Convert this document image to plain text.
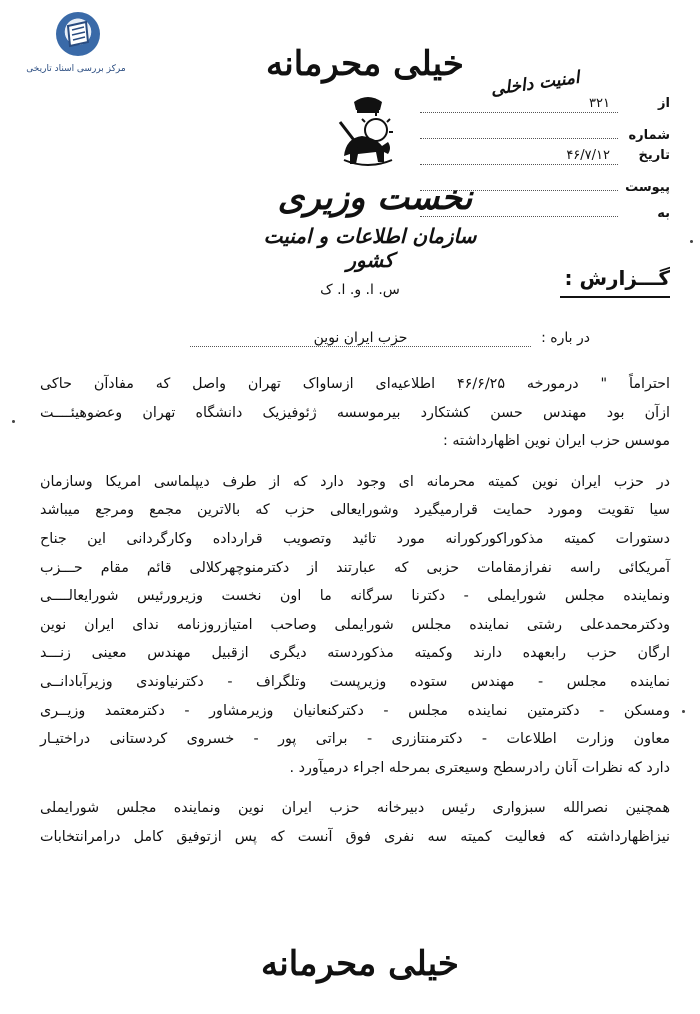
مرکز بررسی اسناد تاریخی	خیلی محرمانه	امنیت داخلی
نخست وزیری
سازمان اطلاعات و امنیت کشور
س. ا. و. ا. ک
از
۳۲۱
شماره
تاریخ
۴۶/۷/۱۲
پیوست
به
گـــزارش :
در باره :
حزب ایران نوین

احتراماً " درمورخه ۴۶/۶/۲۵ اطلاعیه‌ای ازساواک تهران واصل که مفادآن حاکی

ازآن بود مهندس حسن کشتکارد بیرموسسه ژئوفیزیک دانشگاه تهران وعضوهیئــــت

موسس حزب ایران نوین اظهارداشته :

در حزب ایران نوین کمیته محرمانه ای وجود دارد که از طرف دیپلماسی امریکا وسازمان

سیا تقویت ومورد حمایت قرارمیگیرد وشورایعالی حزب که بالاترین مجمع ومرجع میباشد

دستورات کمیته مذکوراکورکورانه مورد تائید وتصویب قرارداده وکارگردانی این جناح

آمریکائی راسه نفرازمقامات حزبی که عبارتند از دکترمنوچهرکلالی قائم مقام حـــزب

ونماینده مجلس شورایملی - دکترنا سرگانه ما اون نخست وزیرورئیس شورایعالــــی

ودکترمحمدعلی رشتی نماینده مجلس شورایملی وصاحب امتیازروزنامه ندای ایران نوین

ارگان حزب رابعهده دارند وکمیته مذکوردسته دیگری ازقبیل مهندس معینی زنـــد

نماینده مجلس - مهندس ستوده وزیرپست وتلگراف - دکترنیاوندی وزیرآبادانــی

ومسکن - دکترمتین نماینده مجلس - دکترکنعانیان وزیرمشاور - دکترمعتمد وزیــری

معاون وزارت اطلاعات - دکترمنتازری - براتی پور - خسروی کردستانی دراختیـار

دارد که نظرات آنان رادرسطح وسیعتری بمرحله اجراء درمیآورد .

همچنین نصرالله سبزواری رئیس دبیرخانه حزب ایران نوین ونماینده مجلس شورایملی

نیزاظهارداشته که فعالیت کمیته سه نفری فوق آنست که پس ازتوفیق کامل درامرانتخابات

خیلی محرمانه
